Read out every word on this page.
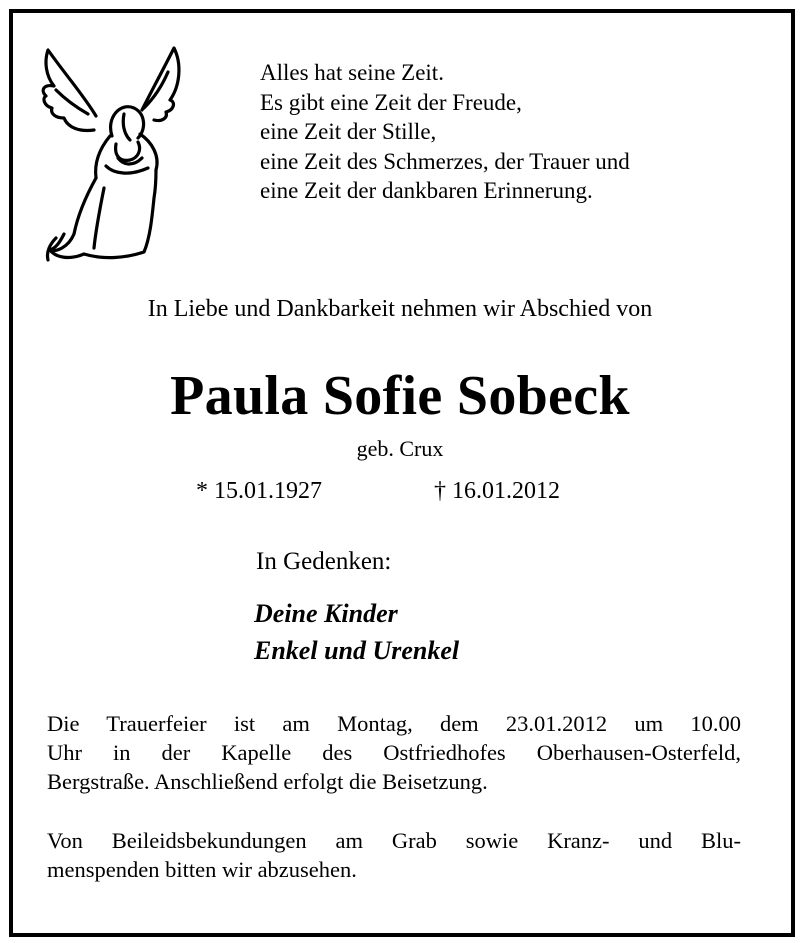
Alles hat seine Zeit.
Es gibt eine Zeit der Freude,
eine Zeit der Stille,
eine Zeit des Schmerzes, der Trauer und
eine Zeit der dankbaren Erinnerung.
In Liebe und Dankbarkeit nehmen wir Abschied von
Paula Sofie Sobeck
geb. Crux
* 15.01.1927	† 16.01.2012
In Gedenken:
Deine Kinder
Enkel und Urenkel
Die Trauerfeier ist am Montag, dem 23.01.2012 um 10.00
Uhr in der Kapelle des Ostfriedhofes Oberhausen-Osterfeld,
Bergstraße. Anschließend erfolgt die Beisetzung.
Von Beileidsbekundungen am Grab sowie Kranz- und Blu-
menspenden bitten wir abzusehen.
